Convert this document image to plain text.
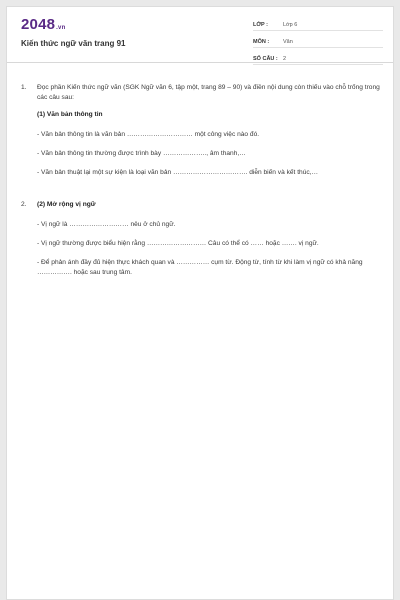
2048.vn
Kiến thức ngữ văn trang 91
LỚP :	Lớp 6
MÔN :	Văn
SỐ CÂU : 2
1.	Đọc phần Kiến thức ngữ văn (SGK Ngữ văn 6, tập một, trang 89 – 90) và điền nội dung còn thiếu vào chỗ trống trong các câu sau:
(1) Văn bản thông tin
- Văn bản thông tin là văn bản ………………………… một công việc nào đó.
- Văn bản thông tin thường được trình bày ……………….., âm thanh,…
- Văn bản thuật lại một sự kiện là loại văn bản ……………………………. diễn biến và kết thúc,…
2.	(2) Mở rộng vị ngữ
- Vị ngữ là ……………………… nêu ở chủ ngữ.
- Vị ngữ thường được biểu hiện rằng ……………………… Câu có thể có …… hoặc ……. vị ngữ.
- Để phản ánh đầy đủ hiện thực khách quan và …………… cụm từ. Động từ, tính từ khi làm vị ngữ có khả năng ……………. hoặc sau trung tâm.
